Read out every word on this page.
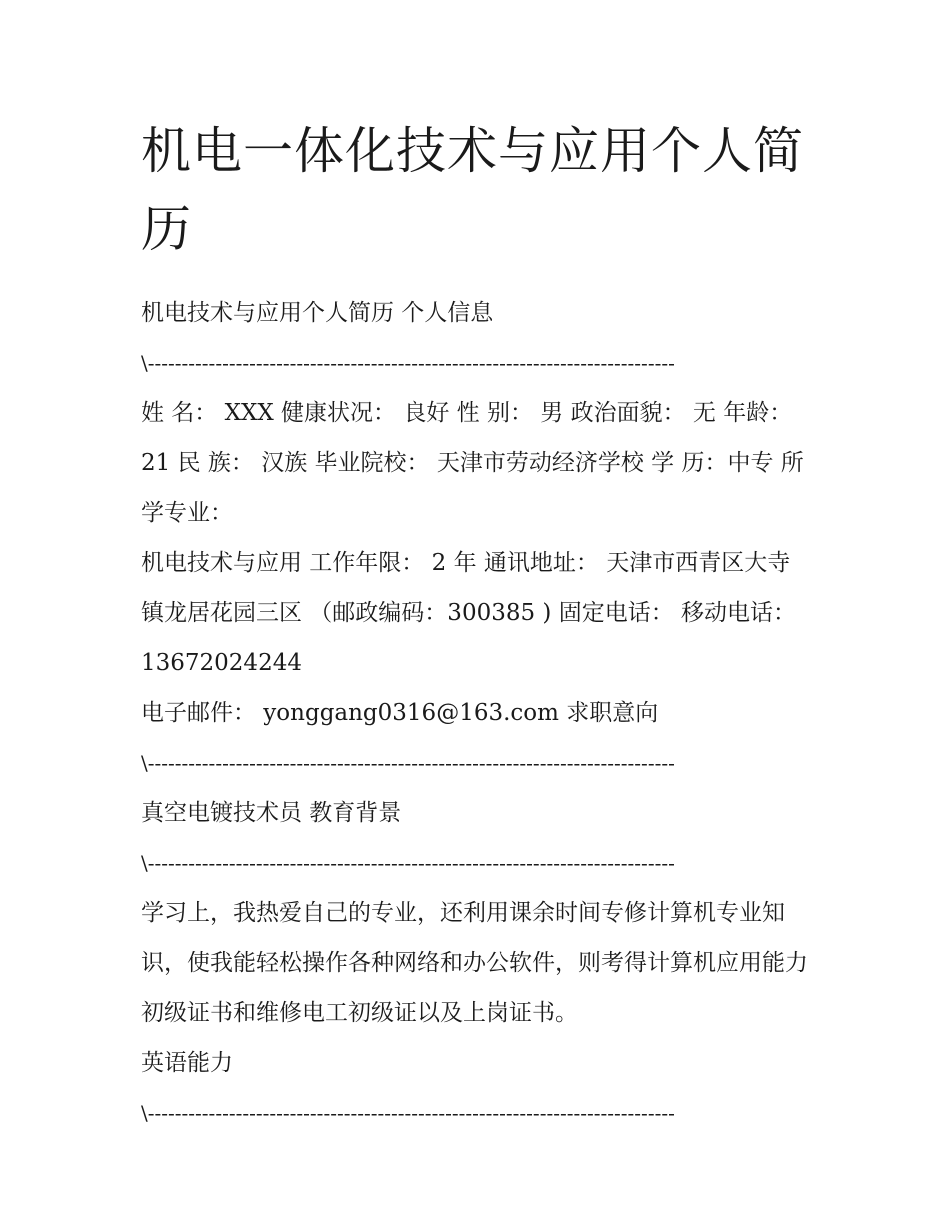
机电一体化技术与应用个人简历

机电技术与应用个人简历 个人信息

\------------------------------------------------------------------------------

姓 名： XXX 健康状况： 良好 性 别： 男 政治面貌： 无 年龄： 21 民 族： 汉族 毕业院校： 天津市劳动经济学校 学 历：中专 所学专业：

机电技术与应用 工作年限： 2 年 通讯地址： 天津市西青区大寺镇龙居花园三区 （邮政编码：300385 ) 固定电话： 移动电话： 13672024244

电子邮件： yonggang0316@163.com 求职意向

\------------------------------------------------------------------------------

真空电镀技术员 教育背景

\------------------------------------------------------------------------------

学习上，我热爱自己的专业，还利用课余时间专修计算机专业知识，使我能轻松操作各种网络和办公软件，则考得计算机应用能力初级证书和维修电工初级证以及上岗证书。

英语能力

\------------------------------------------------------------------------------
